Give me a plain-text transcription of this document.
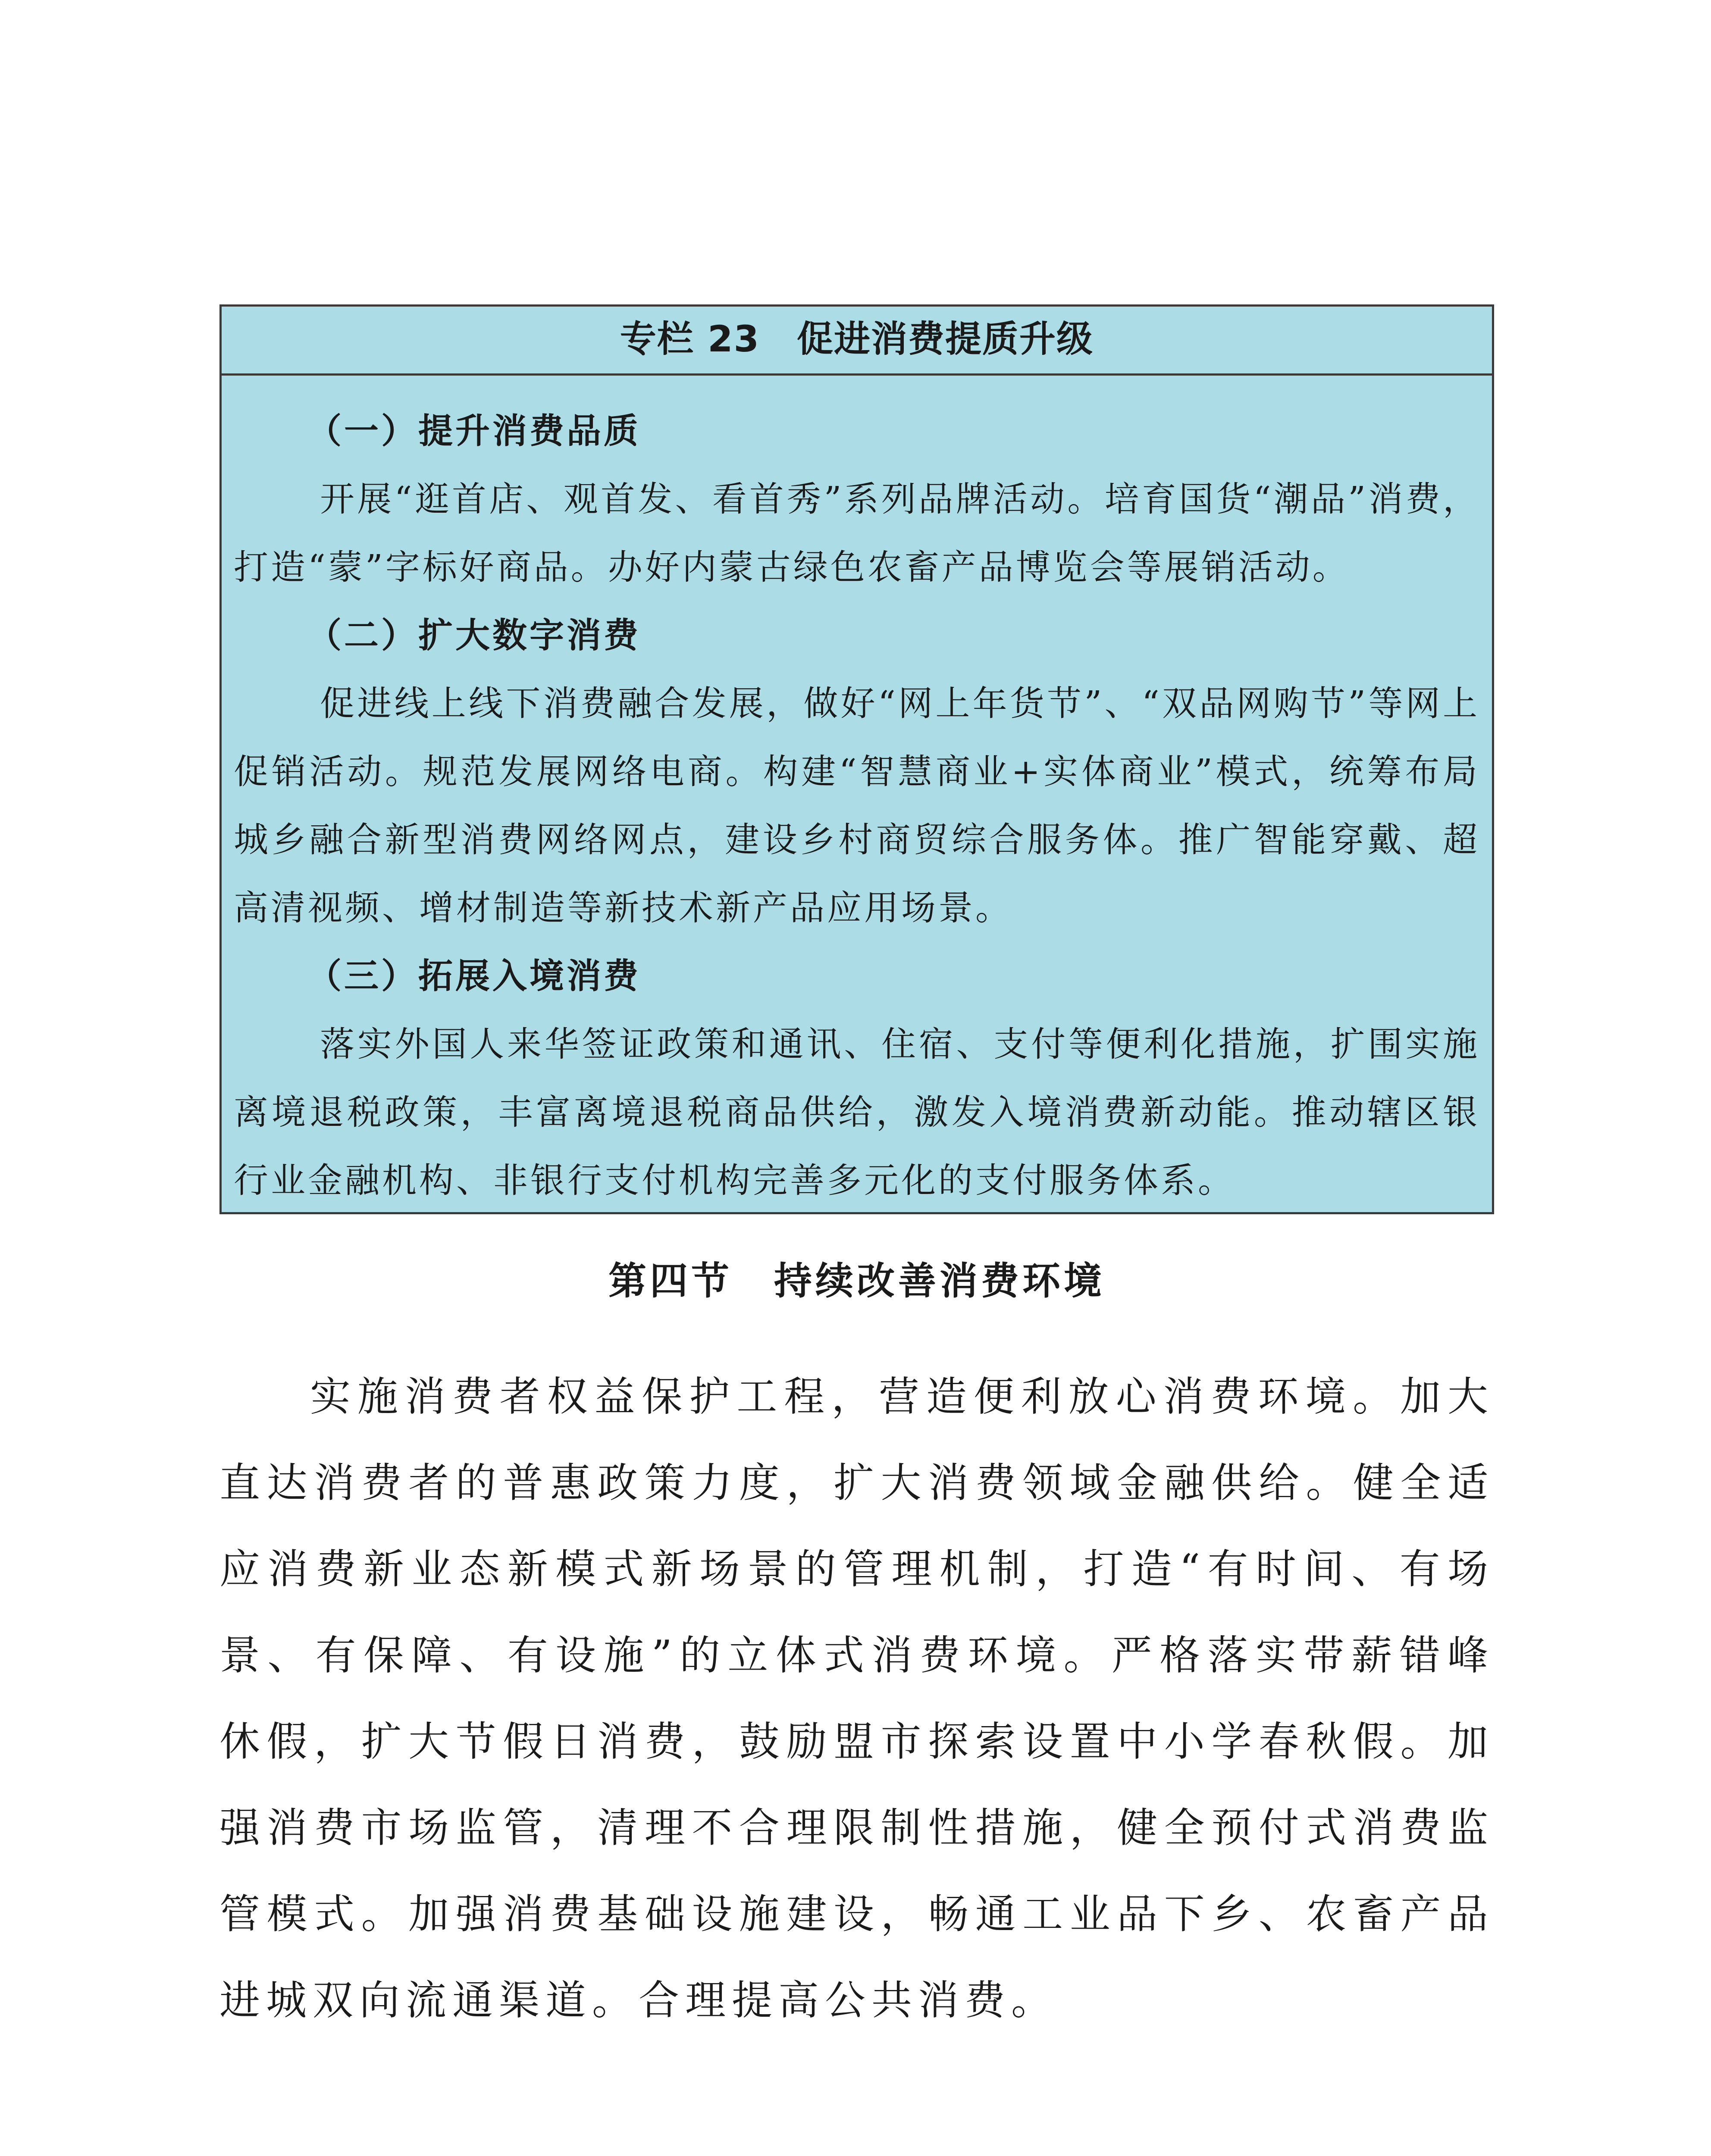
专栏 23　促进消费提质升级
（一）提升消费品质

开展“逛首店、观首发、看首秀”系列品牌活动。培育国货“潮品”消费，打造“蒙”字标好商品。办好内蒙古绿色农畜产品博览会等展销活动。

（二）扩大数字消费

促进线上线下消费融合发展，做好“网上年货节”、“双品网购节”等网上促销活动。规范发展网络电商。构建“智慧商业+实体商业”模式，统筹布局城乡融合新型消费网络网点，建设乡村商贸综合服务体。推广智能穿戴、超高清视频、增材制造等新技术新产品应用场景。

（三）拓展入境消费

落实外国人来华签证政策和通讯、住宿、支付等便利化措施，扩围实施离境退税政策，丰富离境退税商品供给，激发入境消费新动能。推动辖区银行业金融机构、非银行支付机构完善多元化的支付服务体系。

第四节　持续改善消费环境

实施消费者权益保护工程，营造便利放心消费环境。加大直达消费者的普惠政策力度，扩大消费领域金融供给。健全适应消费新业态新模式新场景的管理机制，打造“有时间、有场景、有保障、有设施”的立体式消费环境。严格落实带薪错峰休假，扩大节假日消费，鼓励盟市探索设置中小学春秋假。加强消费市场监管，清理不合理限制性措施，健全预付式消费监管模式。加强消费基础设施建设，畅通工业品下乡、农畜产品进城双向流通渠道。合理提高公共消费。
